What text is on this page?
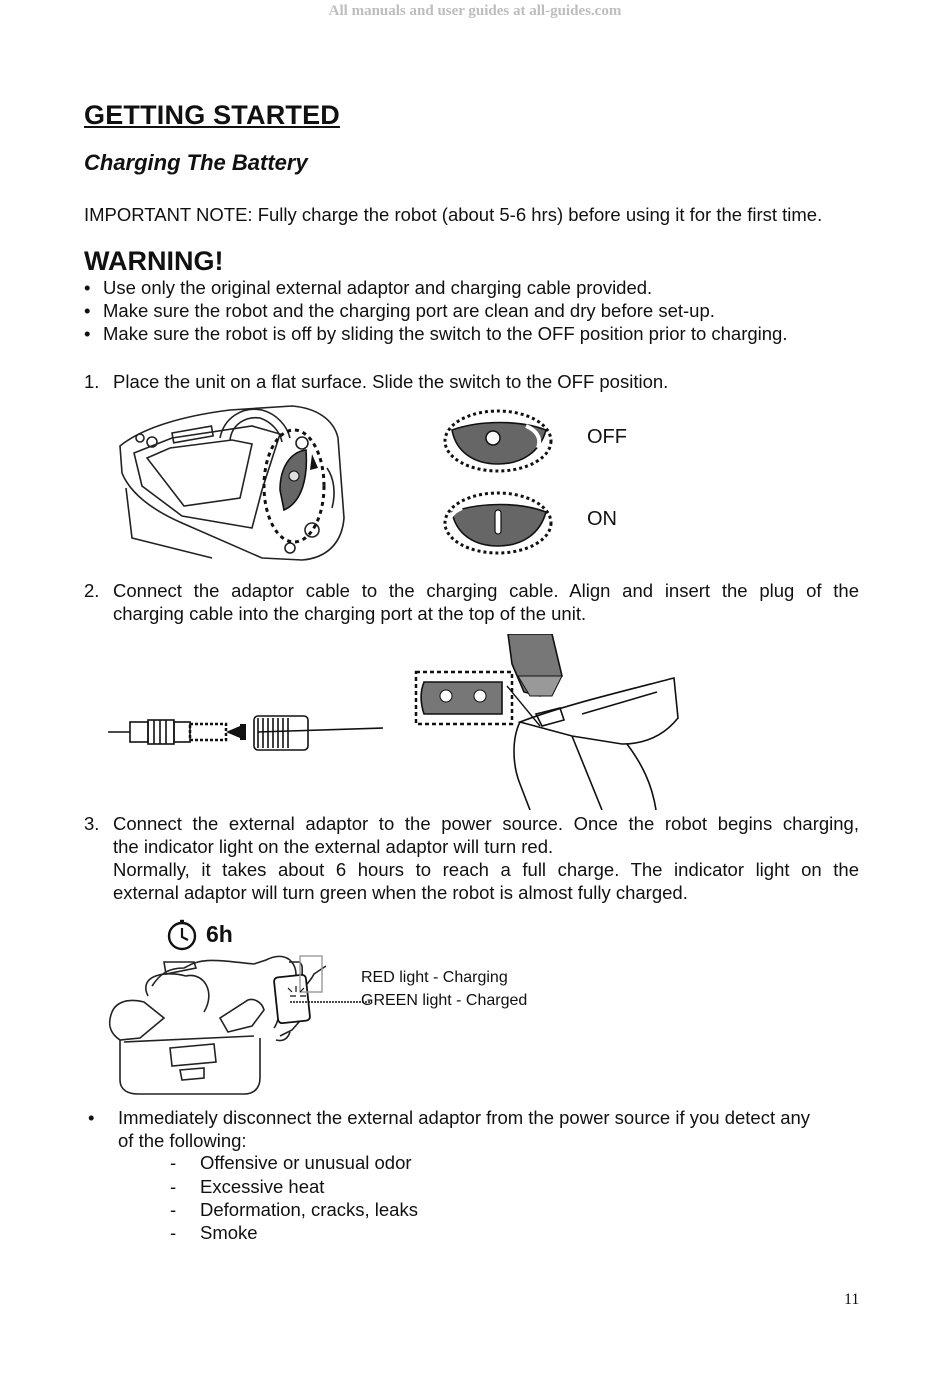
All manuals and user guides at all-guides.com
GETTING STARTED
Charging The Battery
IMPORTANT NOTE: Fully charge the robot (about 5-6 hrs) before using it for the first time.
WARNING!
• Use only the original external adaptor and charging cable provided.
• Make sure the robot and the charging port are clean and dry before set-up.
• Make sure the robot is off by sliding the switch to the OFF position prior to charging.
1. Place the unit on a flat surface. Slide the switch to the OFF position.
OFF
ON
2. Connect the adaptor cable to the charging cable. Align and insert the plug of the
charging cable into the charging port at the top of the unit.
3. Connect the external adaptor to the power source. Once the robot begins charging,
the indicator light on the external adaptor will turn red.
Normally, it takes about 6 hours to reach a full charge. The indicator light on the
external adaptor will turn green when the robot is almost fully charged.
6h
RED light - Charging
GREEN light - Charged
• Immediately disconnect the external adaptor from the power source if you detect any
of the following:
- Offensive or unusual odor
- Excessive heat
- Deformation, cracks, leaks
- Smoke
11
